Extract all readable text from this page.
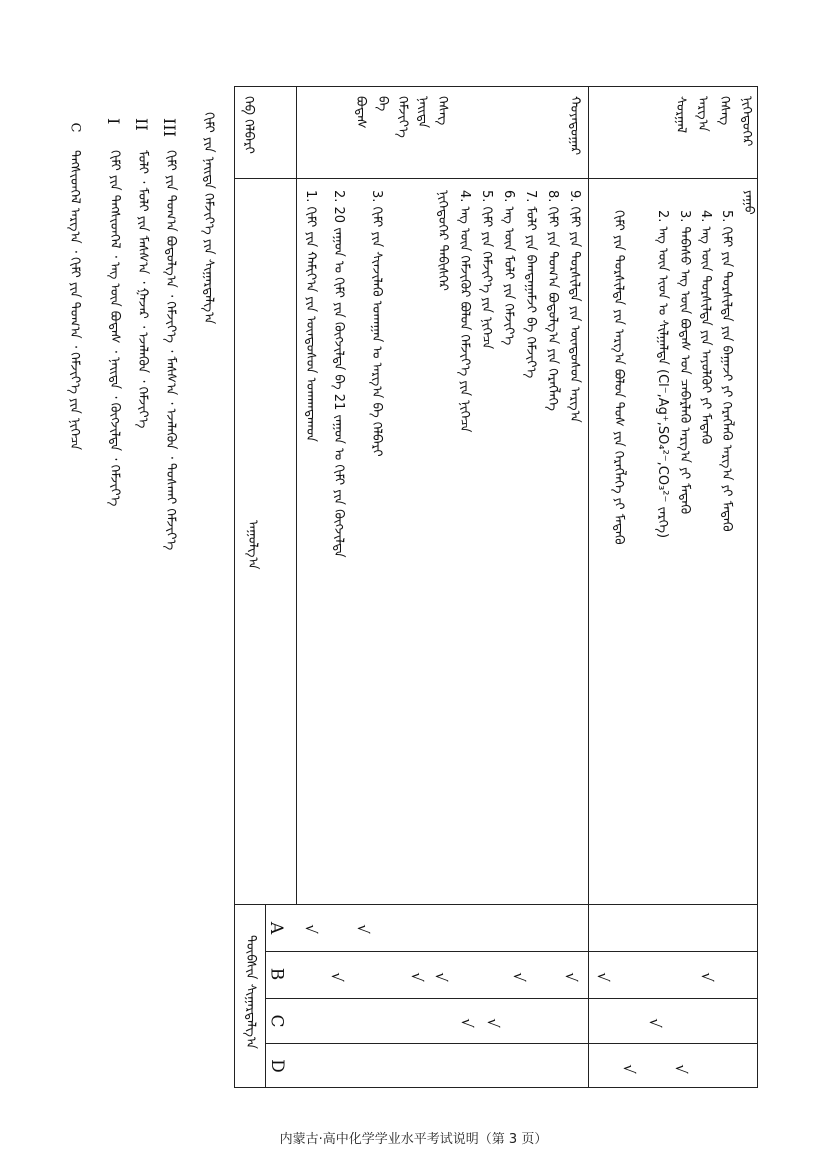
ᠬᠡᠪ ᠬᠡᠯᠪᠡᠷᠢ
ᠠᠭᠤᠯᠭ᠎ᠠ
ᠲᠦᠪᠰᠢᠨ ᠰᠢᠭᠠᠷᠳᠠᠯᠭ᠎ᠠ
A
B
C
D
ᠨᠢᠭᠡᠳᠦᠭᠡᠷ
ᠬᠡᠰᠡᠭ
ᠠᠷᠭ᠎ᠠ
ᠰᠤᠷᠭᠠᠯ
ᠶᠠᠭᠤ
5. ᠬᠢᠮᠢ ᠶᠢᠨ ᠲᠤᠷᠰᠢᠯᠲᠠ ᠶᠢᠨ ᠪᠠᠭᠠᠵᠢ ᠶᠢ ᠬᠡᠷᠡᠭᠯᠡᠬᠦ ᠠᠷᠭ᠎ᠠ ᠶᠢ ᠮᠡᠳᠡᠬᠦ
4. ᠡᠩ ᠦᠨ ᠲᠤᠷᠰᠢᠯᠲᠠ ᠶᠢᠨ ᠠᠶᠤᠯᠭᠦᠢ ᠶᠢ ᠮᠡᠳᠡᠬᠦ
3. ᠳᠠᠪᠠᠰᠤ ᠡᠩ ᠦᠨ ᠪᠣᠳᠠᠰ ᠤᠨ ᠴᠡᠪᠡᠷᠯᠡᠬᠦ ᠠᠷᠭ᠎ᠠ ᠶᠢ ᠮᠡᠳᠡᠬᠦ
2. ᠡᠩ ᠦᠨ ᠢᠣᠨ ᠤ ᠰᠢᠯᠭᠠᠯᠲᠠ (Cl⁻,Ag⁺,SO₄²⁻,CO₃²⁻ ᠵᠡᠷᠭᠡ)
ᠬᠢᠮᠢ ᠶᠢᠨ ᠲᠤᠷᠰᠢᠯᠲᠠ ᠶᠢᠨ ᠠᠷᠭ᠎ᠠ ᠪᠣᠯᠤᠨ ᠲᠤᠰ ᠶᠢᠨ ᠬᠡᠷᠡᠭᠯᠡᠭᠡ ᠶᠢ ᠮᠡᠳᠡᠬᠦ
ᠬᠣᠶᠠᠳᠤᠭᠠᠷ
ᠬᠡᠰᠡᠭ
ᠨᠡᠢᠲᠡ
ᠬᠡᠮᠵᠢᠶ᠎ᠡ
ᠪᠠ
ᠪᠣᠳᠠᠰ
9. ᠬᠢᠮᠢ ᠶᠢᠨ ᠲᠤᠷᠰᠢᠯᠲᠠ ᠶᠢᠨ ᠦᠨᠳᠦᠰᠦᠨ ᠠᠷᠭ᠎ᠠ
8. ᠬᠢᠮᠢ ᠶᠢᠨ ᠲᠣᠭ᠎ᠠ ᠪᠣᠳᠣᠯᠭ᠎ᠠ ᠶᠢᠨ ᠬᠡᠷᠡᠭᠯᠡᠭᠡ
7. ᠮᠣᠯᠢ ᠶᠢᠨ ᠪᠠᠭᠳᠠᠭᠠᠮᠵᠢ ᠪᠠ ᠬᠡᠮᠵᠢᠶ᠎ᠡ
6. ᠡᠩ ᠦᠨ ᠮᠣᠯᠢ ᠶᠢᠨ ᠬᠡᠮᠵᠢᠶ᠎ᠡ
5. ᠬᠢᠮᠢ ᠶᠢᠨ ᠬᠡᠮᠵᠢᠶ᠎ᠡ ᠶᠢᠨ ᠨᠢᠭᠡᠴᠡ
4. ᠡᠩ ᠦᠨ ᠬᠡᠮᠵᠢᠭᠦᠷ ᠪᠣᠯᠤᠨ ᠬᠡᠮᠵᠢᠶ᠎ᠡ ᠶᠢᠨ ᠨᠢᠭᠡᠴᠡ
ᠨᠢᠭᠡᠳᠦᠭᠡᠷ ᠳᠡᠪᠢᠰᠬᠡᠷ
3. ᠬᠢᠮᠢ ᠶᠢᠨ ᠰᠢᠨᠵᠢᠯᠡᠬᠦ ᠤᠬᠠᠭᠠᠨ ᠤ ᠠᠷᠭ᠎ᠠ ᠪᠠ ᠬᠡᠯᠪᠡᠷᠢ
2. 20 ᠵᠠᠭᠤᠨ ᠤ ᠬᠢᠮᠢ ᠶᠢᠨ ᠬᠦᠭᠵᠢᠯᠲᠡ ᠪᠠ 21 ᠵᠠᠭᠤᠨ ᠤ ᠬᠢᠮᠢ ᠶᠢᠨ ᠬᠦᠭᠵᠢᠯᠲᠡ
1. ᠬᠢᠮᠢ ᠶᠢᠨ ᠬᠠᠮᠢᠶ᠎ᠠ ᠶᠢᠨ ᠦᠨᠳᠦᠰᠦᠨ ᠤᠬᠠᠭᠳᠠᠬᠤᠨ
√
√
√
√
√
√
√
√
√
√
√
√
√
√
ᠬᠢᠮᠢ ᠶᠢᠨ ᠨᠡᠢᠲᠡ ᠬᠡᠮᠵᠢᠶ᠎ᠡ ᠶᠢᠨ ᠰᠢᠭᠠᠷᠳᠠᠯᠭ᠎ᠠ
III
ᠬᠢᠮᠢ ᠶᠢᠨ ᠲᠣᠭ᠎ᠠ ᠪᠣᠳᠣᠯᠭ᠎ᠠ ᠂ ᠬᠡᠮᠵᠢᠶ᠎ᠡ ᠂ ᠮᠠᠰᠰ᠎ᠠ ᠂ ᠡᠵᠡᠯᠡᠬᠦᠨ ᠂ ᠲᠤᠰᠬᠠᠢ ᠬᠡᠮᠵᠢᠶ᠎ᠡ
II
ᠮᠣᠯᠢ ᠂ ᠮᠣᠯᠢ ᠶᠢᠨ ᠮᠠᠰᠰ᠎ᠠ ᠂ ᠭᠠᠵᠠᠷ ᠂ ᠡᠵᠡᠯᠡᠬᠦᠨ ᠂ ᠬᠡᠮᠵᠢᠶ᠎ᠡ
I
ᠬᠢᠮᠢ ᠶᠢᠨ ᠲᠡᠭᠰᠢᠳᠭᠡᠯ ᠂ ᠡᠩ ᠦᠨ ᠪᠣᠳᠠᠰ ᠂ ᠨᠡᠢᠲᠡ ᠂ ᠬᠦᠭᠵᠢᠯᠲᠡ ᠂ ᠬᠡᠮᠵᠢᠶ᠎ᠡ
C
ᠲᠡᠭᠰᠢᠳᠭᠡᠯ ᠠᠷᠭ᠎ᠠ ᠂ ᠬᠢᠮᠢ ᠶᠢᠨ ᠲᠣᠭ᠎ᠠ ᠂ ᠬᠡᠮᠵᠢᠶ᠎ᠡ ᠶᠢᠨ ᠨᠢᠭᠡᠴᠡ
内蒙古·高中化学学业水平考试说明（第 3 页）
